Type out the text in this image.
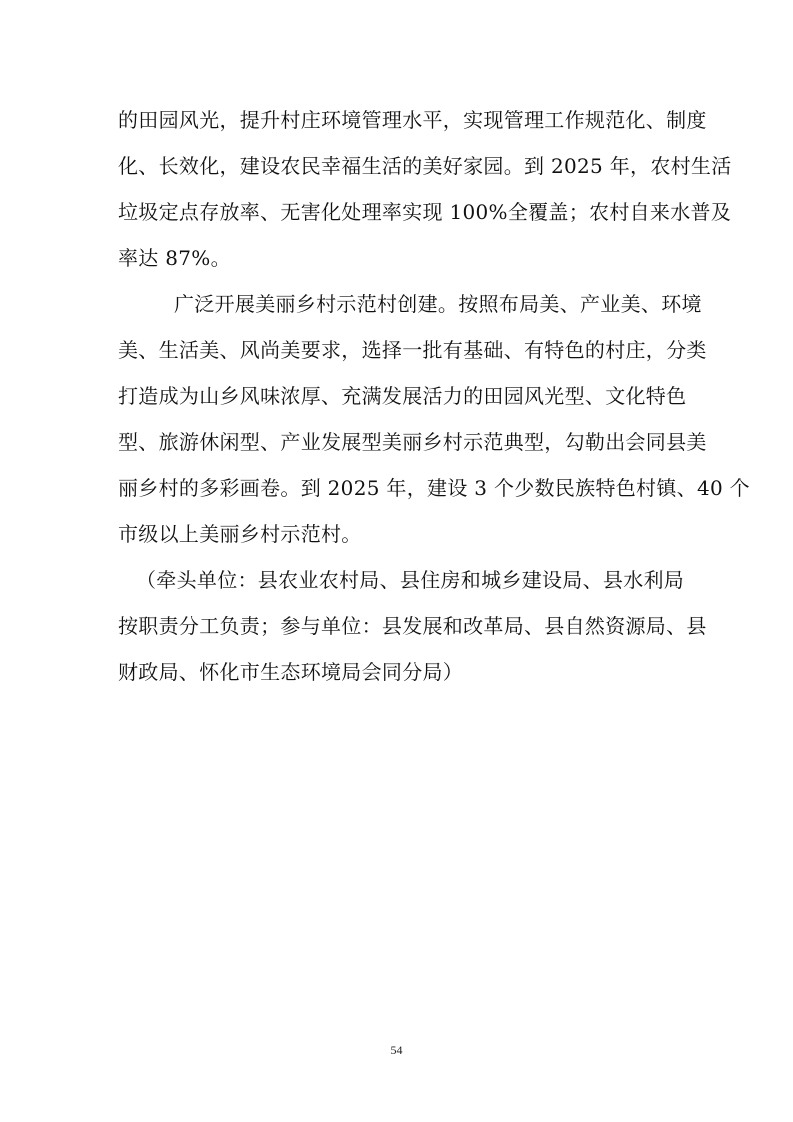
的田园风光，提升村庄环境管理水平，实现管理工作规范化、制度
化、长效化，建设农民幸福生活的美好家园。到 2025 年，农村生活
垃圾定点存放率、无害化处理率实现 100%全覆盖；农村自来水普及
率达 87%。
广泛开展美丽乡村示范村创建。按照布局美、产业美、环境
美、生活美、风尚美要求，选择一批有基础、有特色的村庄，分类
打造成为山乡风味浓厚、充满发展活力的田园风光型、文化特色
型、旅游休闲型、产业发展型美丽乡村示范典型，勾勒出会同县美
丽乡村的多彩画卷。到 2025 年，建设 3 个少数民族特色村镇、40 个
市级以上美丽乡村示范村。
（牵头单位：县农业农村局、县住房和城乡建设局、县水利局
按职责分工负责；参与单位：县发展和改革局、县自然资源局、县
财政局、怀化市生态环境局会同分局）
54
